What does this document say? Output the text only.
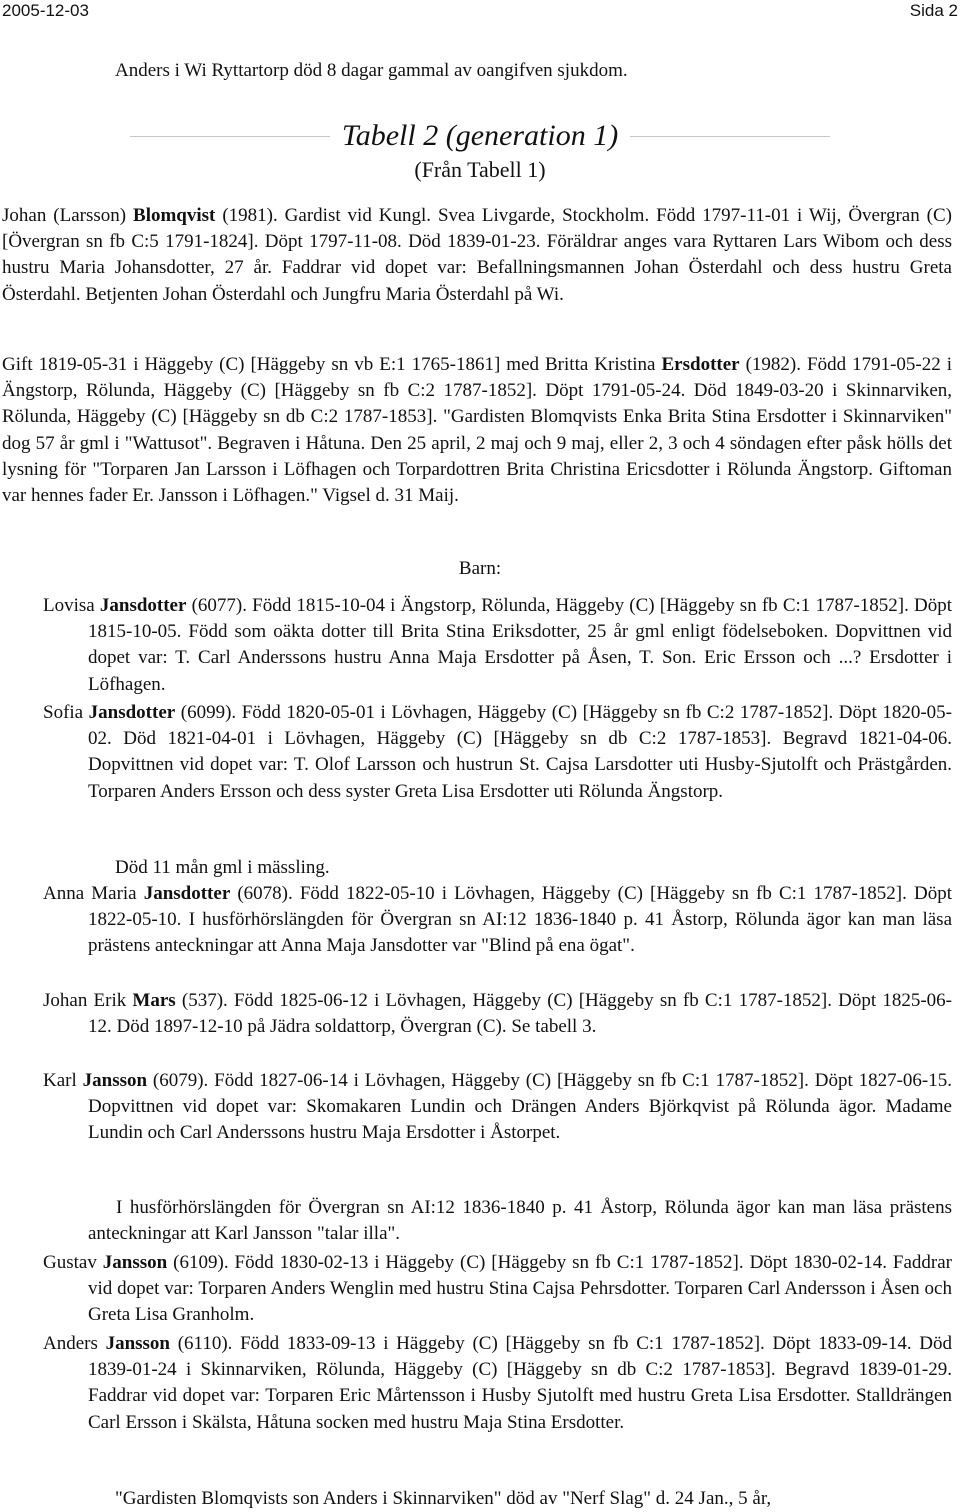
2005-12-03	Sida 2
Anders i Wi Ryttartorp död 8 dagar gammal av oangifven sjukdom.
Tabell 2 (generation 1)
(Från Tabell 1)
Johan (Larsson) Blomqvist (1981). Gardist vid Kungl. Svea Livgarde, Stockholm. Född 1797-11-01 i Wij, Övergran (C) [Övergran sn fb C:5 1791-1824]. Döpt 1797-11-08. Död 1839-01-23. Föräldrar anges vara Ryttaren Lars Wibom och dess hustru Maria Johansdotter, 27 år. Faddrar vid dopet var: Befallningsmannen Johan Österdahl och dess hustru Greta Österdahl. Betjenten Johan Österdahl och Jungfru Maria Österdahl på Wi.
Gift 1819-05-31 i Häggeby (C) [Häggeby sn vb E:1 1765-1861] med Britta Kristina Ersdotter (1982). Född 1791-05-22 i Ängstorp, Rölunda, Häggeby (C) [Häggeby sn fb C:2 1787-1852]. Döpt 1791-05-24. Död 1849-03-20 i Skinnarviken, Rölunda, Häggeby (C) [Häggeby sn db C:2 1787-1853]. "Gardisten Blomqvists Enka Brita Stina Ersdotter i Skinnarviken" dog 57 år gml i "Wattusot". Begraven i Håtuna. Den 25 april, 2 maj och 9 maj, eller 2, 3 och 4 söndagen efter påsk hölls det lysning för "Torparen Jan Larsson i Löfhagen och Torpardottren Brita Christina Ericsdotter i Rölunda Ängstorp. Giftoman var hennes fader Er. Jansson i Löfhagen." Vigsel d. 31 Maij.
Barn:
Lovisa Jansdotter (6077). Född 1815-10-04 i Ängstorp, Rölunda, Häggeby (C) [Häggeby sn fb C:1 1787-1852]. Döpt 1815-10-05. Född som oäkta dotter till Brita Stina Eriksdotter, 25 år gml enligt födelseboken. Dopvittnen vid dopet var: T. Carl Anderssons hustru Anna Maja Ersdotter på Åsen, T. Son. Eric Ersson och ...? Ersdotter i Löfhagen.
Sofia Jansdotter (6099). Född 1820-05-01 i Lövhagen, Häggeby (C) [Häggeby sn fb C:2 1787-1852]. Döpt 1820-05-02. Död 1821-04-01 i Lövhagen, Häggeby (C) [Häggeby sn db C:2 1787-1853]. Begravd 1821-04-06. Dopvittnen vid dopet var: T. Olof Larsson och hustrun St. Cajsa Larsdotter uti Husby-Sjutolft och Prästgården. Torparen Anders Ersson och dess syster Greta Lisa Ersdotter uti Rölunda Ängstorp.
Död 11 mån gml i mässling.
Anna Maria Jansdotter (6078). Född 1822-05-10 i Lövhagen, Häggeby (C) [Häggeby sn fb C:1 1787-1852]. Döpt 1822-05-10. I husförhörslängden för Övergran sn AI:12 1836-1840 p. 41 Åstorp, Rölunda ägor kan man läsa prästens anteckningar att Anna Maja Jansdotter var "Blind på ena ögat".
Johan Erik Mars (537). Född 1825-06-12 i Lövhagen, Häggeby (C) [Häggeby sn fb C:1 1787-1852]. Döpt 1825-06-12. Död 1897-12-10 på Jädra soldattorp, Övergran (C). Se tabell 3.
Karl Jansson (6079). Född 1827-06-14 i Lövhagen, Häggeby (C) [Häggeby sn fb C:1 1787-1852]. Döpt 1827-06-15. Dopvittnen vid dopet var: Skomakaren Lundin och Drängen Anders Björkqvist på Rölunda ägor. Madame Lundin och Carl Anderssons hustru Maja Ersdotter i Åstorpet.
I husförhörslängden för Övergran sn AI:12 1836-1840 p. 41 Åstorp, Rölunda ägor kan man läsa prästens anteckningar att Karl Jansson "talar illa".
Gustav Jansson (6109). Född 1830-02-13 i Häggeby (C) [Häggeby sn fb C:1 1787-1852]. Döpt 1830-02-14. Faddrar vid dopet var: Torparen Anders Wenglin med hustru Stina Cajsa Pehrsdotter. Torparen Carl Andersson i Åsen och Greta Lisa Granholm.
Anders Jansson (6110). Född 1833-09-13 i Häggeby (C) [Häggeby sn fb C:1 1787-1852]. Döpt 1833-09-14. Död 1839-01-24 i Skinnarviken, Rölunda, Häggeby (C) [Häggeby sn db C:2 1787-1853]. Begravd 1839-01-29. Faddrar vid dopet var: Torparen Eric Mårtensson i Husby Sjutolft med hustru Greta Lisa Ersdotter. Stalldrängen Carl Ersson i Skälsta, Håtuna socken med hustru Maja Stina Ersdotter.
"Gardisten Blomqvists son Anders i Skinnarviken" död av "Nerf Slag" d. 24 Jan., 5 år,
